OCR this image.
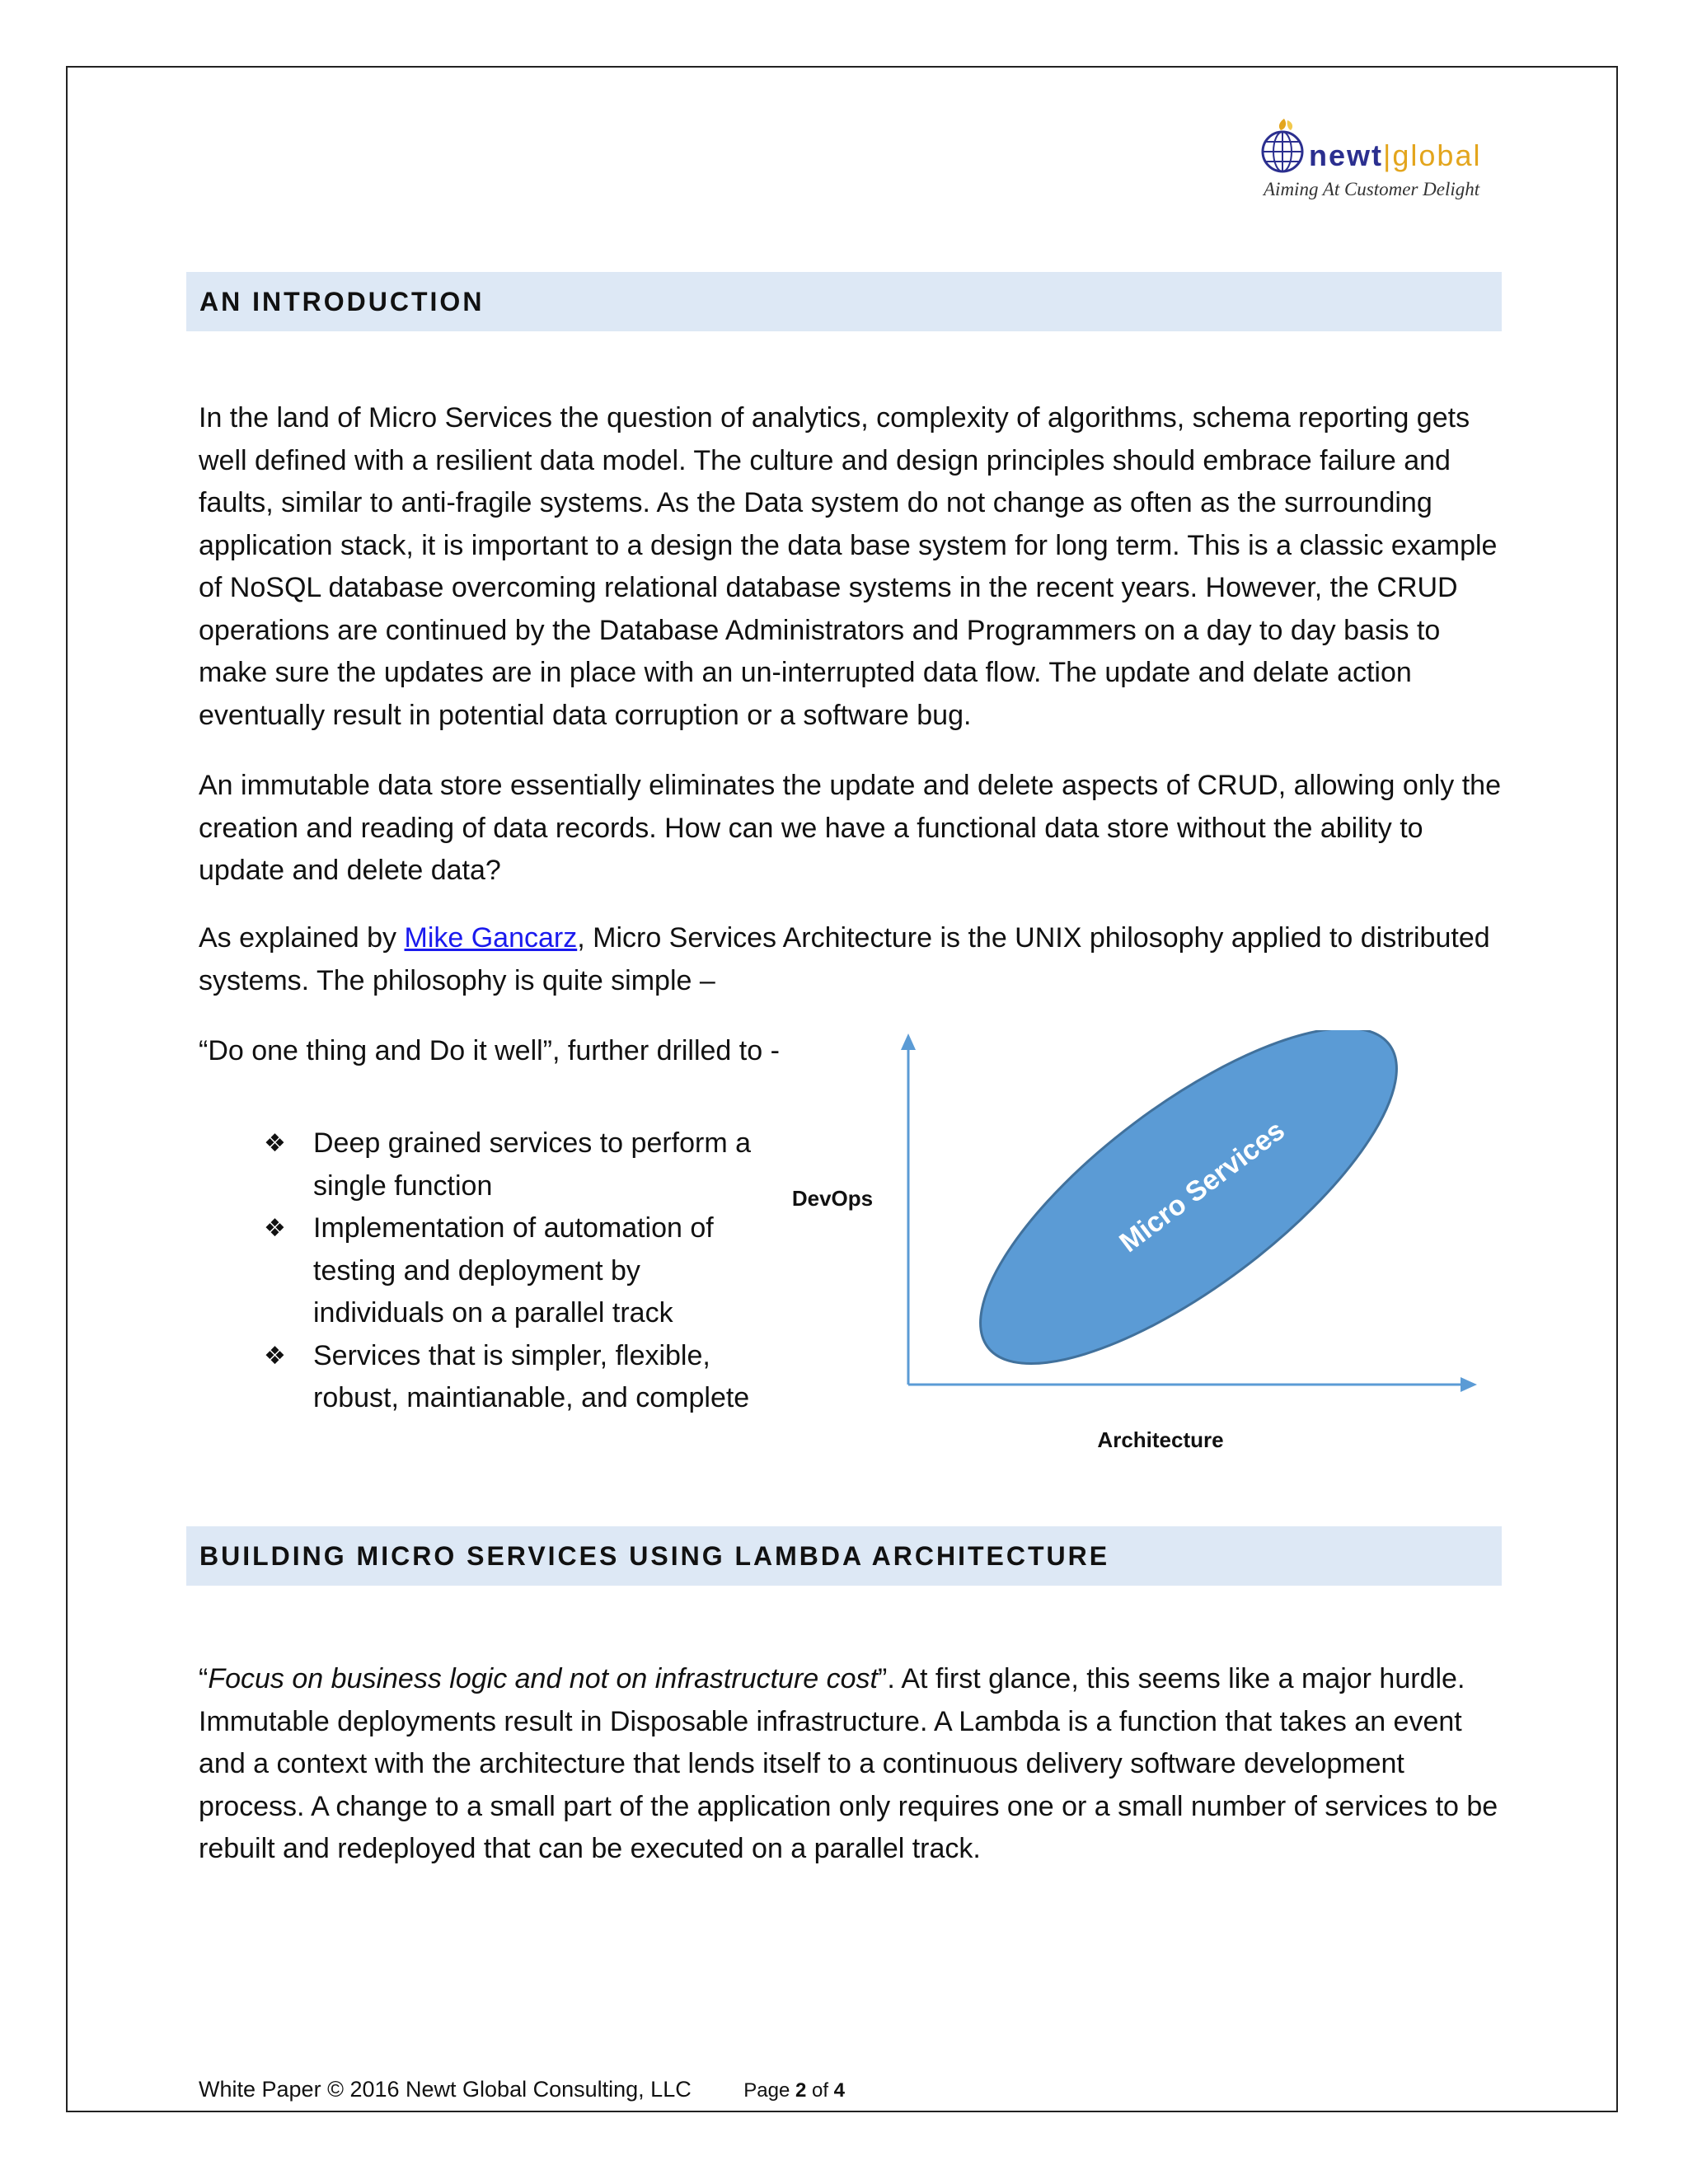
newt|global
Aiming At Customer Delight
AN INTRODUCTION

In the land of Micro Services the question of analytics, complexity of algorithms, schema reporting gets well defined with a resilient data model. The culture and design principles should embrace failure and faults, similar to anti-fragile systems. As the Data system do not change as often as the surrounding application stack, it is important to a design the data base system for long term. This is a classic example of NoSQL database overcoming relational database systems in the recent years. However, the CRUD operations are continued by the Database Administrators and Programmers on a day to day basis to make sure the updates are in place with an un-interrupted data flow. The update and delate action eventually result in potential data corruption or a software bug.

An immutable data store essentially eliminates the update and delete aspects of CRUD, allowing only the creation and reading of data records. How can we have a functional data store without the ability to update and delete data?

As explained by Mike Gancarz, Micro Services Architecture is the UNIX philosophy applied to distributed systems. The philosophy is quite simple –

“Do one thing and Do it well”, further drilled to -

❖ Deep grained services to perform a single function
❖ Implementation of automation of testing and deployment by individuals on a parallel track
❖ Services that is simpler, flexible, robust, maintianable, and complete
Micro Services
DevOps
Architecture
BUILDING MICRO SERVICES USING LAMBDA ARCHITECTURE

“Focus on business logic and not on infrastructure cost”. At first glance, this seems like a major hurdle. Immutable deployments result in Disposable infrastructure. A Lambda is a function that takes an event and a context with the architecture that lends itself to a continuous delivery software development process. A change to a small part of the application only requires one or a small number of services to be rebuilt and redeployed that can be executed on a parallel track.

White Paper © 2016 Newt Global Consulting, LLC	Page 2 of 4
